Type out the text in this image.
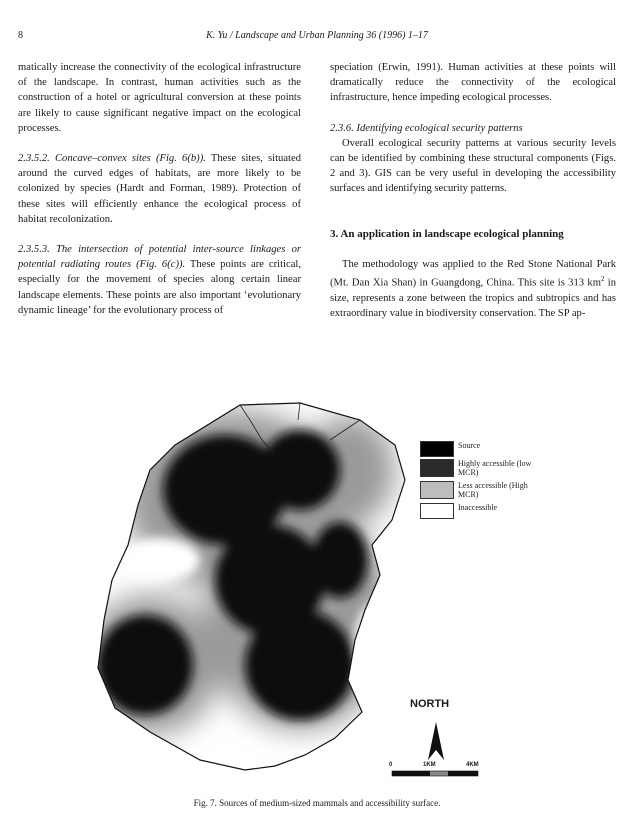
8	K. Yu / Landscape and Urban Planning 36 (1996) 1–17

matically increase the connectivity of the ecological infrastructure of the landscape. In contrast, human activities such as the construction of a hotel or agricultural conversion at these points are likely to cause significant negative impact on the ecological processes.

2.3.5.2. Concave–convex sites (Fig. 6(b)). These sites, situated around the curved edges of habitats, are more likely to be colonized by species (Hardt and Forman, 1989). Protection of these sites will efficiently enhance the ecological process of habitat recolonization.

2.3.5.3. The intersection of potential inter-source linkages or potential radiating routes (Fig. 6(c)). These points are critical, especially for the movement of species along certain linear landscape elements. These points are also important ‘evolutionary dynamic lineage’ for the evolutionary process of

speciation (Erwin, 1991). Human activities at these points will dramatically reduce the connectivity of the ecological infrastructure, hence impeding ecological processes.

2.3.6. Identifying ecological security patterns

Overall ecological security patterns at various security levels can be identified by combining these structural components (Figs. 2 and 3). GIS can be very useful in developing the accessibility surfaces and identifying security patterns.

3. An application in landscape ecological planning

The methodology was applied to the Red Stone National Park (Mt. Dan Xia Shan) in Guangdong, China. This site is 313 $km^2$ in size, represents a zone between the tropics and subtropics and has extraordinary value in biodiversity conservation. The SP ap-

Source
Highly accessible (low MCR)
Less accessible (High MCR)
Inaccessible
NORTH
0	1KM	4KM
Fig. 7. Sources of medium-sized mammals and accessibility surface.
